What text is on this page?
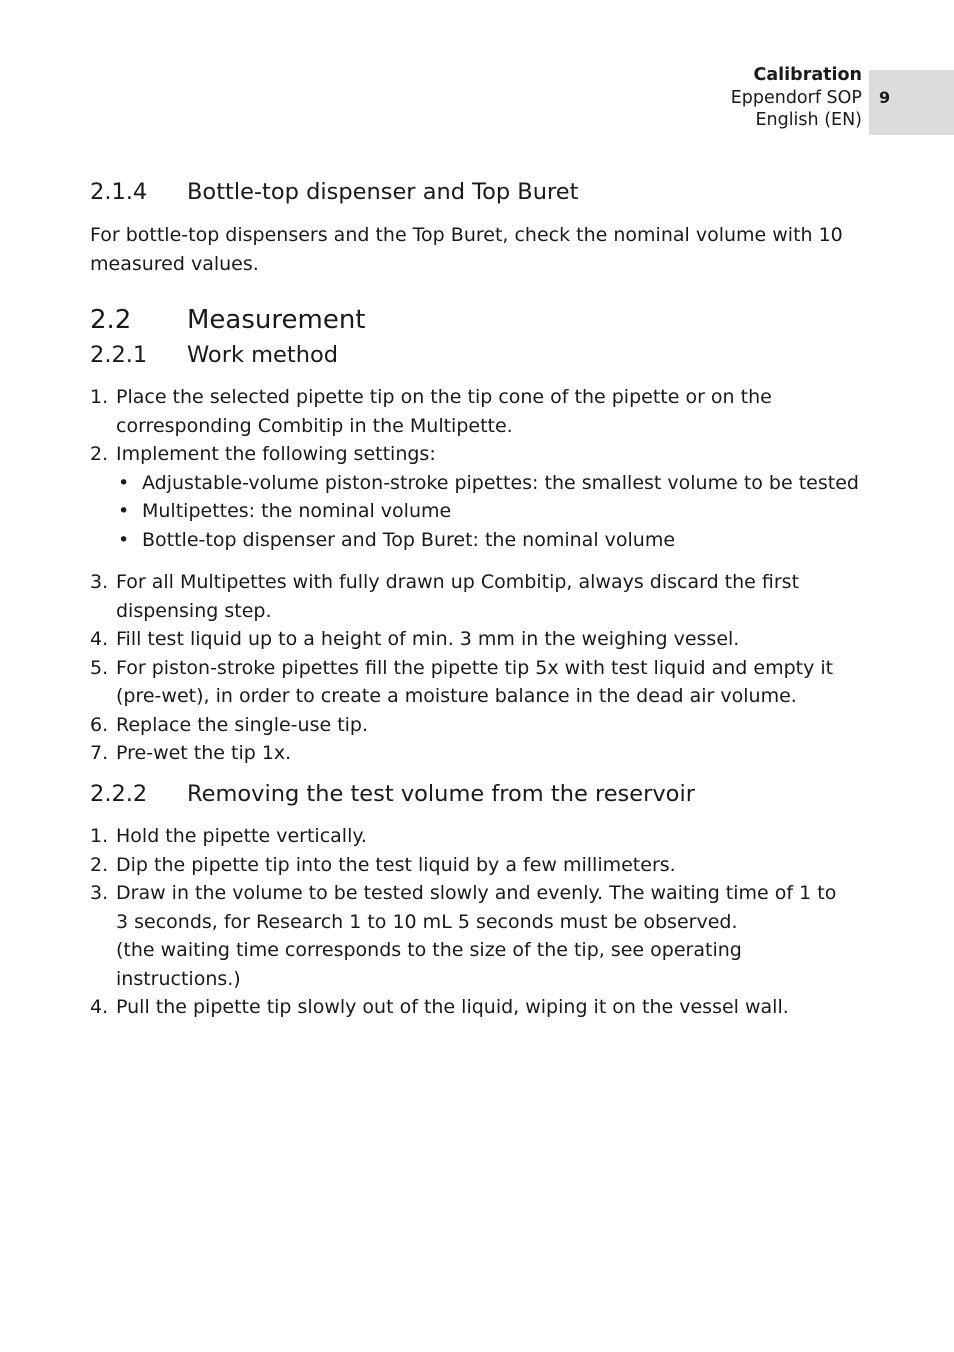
Calibration
Eppendorf SOP
English (EN)
9
2.1.4 Bottle-top dispenser and Top Buret

For bottle-top dispensers and the Top Buret, check the nominal volume with 10 measured values.

2.2 Measurement
2.2.1 Work method
1. Place the selected pipette tip on the tip cone of the pipette or on the corresponding Combitip in the Multipette.
2. Implement the following settings:
• Adjustable-volume piston-stroke pipettes: the smallest volume to be tested
• Multipettes: the nominal volume
• Bottle-top dispenser and Top Buret: the nominal volume
3. For all Multipettes with fully drawn up Combitip, always discard the first
dispensing step.
4. Fill test liquid up to a height of min. 3 mm in the weighing vessel.
5. For piston-stroke pipettes fill the pipette tip 5x with test liquid and empty it
(pre-wet), in order to create a moisture balance in the dead air volume.
6. Replace the single-use tip.
7. Pre-wet the tip 1x.
2.2.2 Removing the test volume from the reservoir
1. Hold the pipette vertically.
2. Dip the pipette tip into the test liquid by a few millimeters.
3. Draw in the volume to be tested slowly and evenly. The waiting time of 1 to
3 seconds, for Research 1 to 10 mL 5 seconds must be observed.
(the waiting time corresponds to the size of the tip, see operating
instructions.)
4. Pull the pipette tip slowly out of the liquid, wiping it on the vessel wall.
